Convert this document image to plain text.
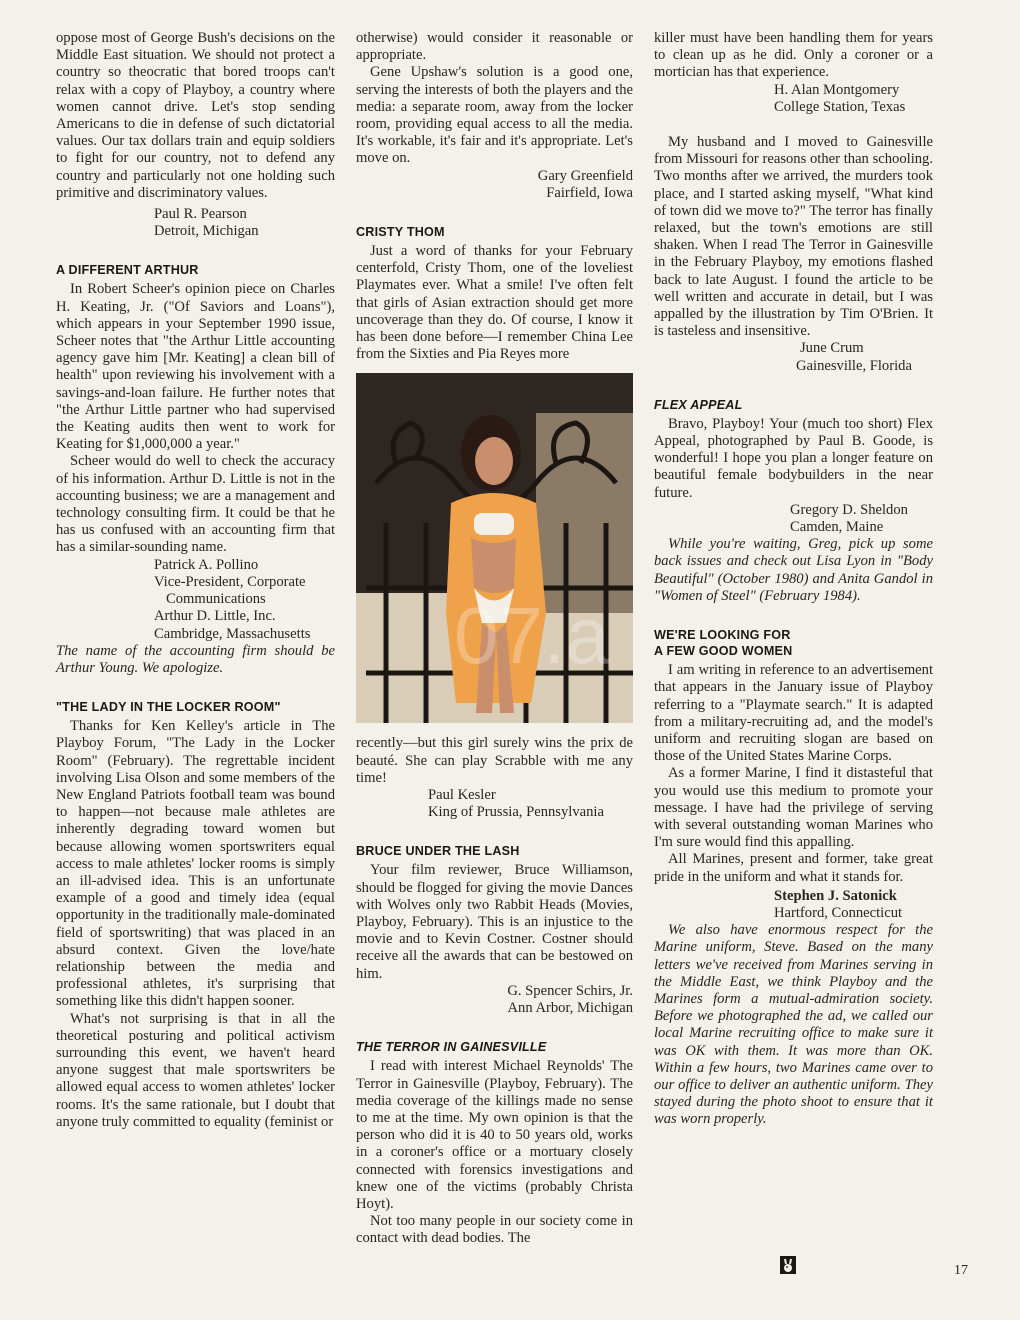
oppose most of George Bush's decisions on the Middle East situation. We should not protect a country so theocratic that bored troops can't relax with a copy of Playboy, a country where women cannot drive. Let's stop sending Americans to die in defense of such dictatorial values. Our tax dollars train and equip soldiers to fight for our country, not to defend any country and particularly not one holding such primitive and discriminatory values.

Paul R. Pearson
Detroit, Michigan
A DIFFERENT ARTHUR

In Robert Scheer's opinion piece on Charles H. Keating, Jr. ("Of Saviors and Loans"), which appears in your September 1990 issue, Scheer notes that "the Arthur Little accounting agency gave him [Mr. Keating] a clean bill of health" upon reviewing his involvement with a savings-and-loan failure. He further notes that "the Arthur Little partner who had supervised the Keating audits then went to work for Keating for $1,000,000 a year."

Scheer would do well to check the accuracy of his information. Arthur D. Little is not in the accounting business; we are a management and technology consulting firm. It could be that he has us confused with an accounting firm that has a similar-sounding name.

Patrick A. Pollino
Vice-President, Corporate
Communications
Arthur D. Little, Inc.
Cambridge, Massachusetts

The name of the accounting firm should be Arthur Young. We apologize.

"THE LADY IN THE LOCKER ROOM"

Thanks for Ken Kelley's article in The Playboy Forum, "The Lady in the Locker Room" (February). The regrettable incident involving Lisa Olson and some members of the New England Patriots football team was bound to happen—not because male athletes are inherently degrading toward women but because allowing women sportswriters equal access to male athletes' locker rooms is simply an ill-advised idea. This is an unfortunate example of a good and timely idea (equal opportunity in the traditionally male-dominated field of sportswriting) that was placed in an absurd context. Given the love/hate relationship between the media and professional athletes, it's surprising that something like this didn't happen sooner.

What's not surprising is that in all the theoretical posturing and political activism surrounding this event, we haven't heard anyone suggest that male sportswriters be allowed equal access to women athletes' locker rooms. It's the same rationale, but I doubt that anyone truly committed to equality (feminist or

otherwise) would consider it reasonable or appropriate.

Gene Upshaw's solution is a good one, serving the interests of both the players and the media: a separate room, away from the locker room, providing equal access to all the media. It's workable, it's fair and it's appropriate. Let's move on.

Gary Greenfield
Fairfield, Iowa
CRISTY THOM

Just a word of thanks for your February centerfold, Cristy Thom, one of the loveliest Playmates ever. What a smile! I've often felt that girls of Asian extraction should get more uncoverage than they do. Of course, I know it has been done before—I remember China Lee from the Sixties and Pia Reyes more

07.a

recently—but this girl surely wins the prix de beauté. She can play Scrabble with me any time!

Paul Kesler
King of Prussia, Pennsylvania
BRUCE UNDER THE LASH

Your film reviewer, Bruce Williamson, should be flogged for giving the movie Dances with Wolves only two Rabbit Heads (Movies, Playboy, February). This is an injustice to the movie and to Kevin Costner. Costner should receive all the awards that can be bestowed on him.

G. Spencer Schirs, Jr.
Ann Arbor, Michigan
THE TERROR IN GAINESVILLE

I read with interest Michael Reynolds' The Terror in Gainesville (Playboy, February). The media coverage of the killings made no sense to me at the time. My own opinion is that the person who did it is 40 to 50 years old, works in a coroner's office or a mortuary closely connected with forensics investigations and knew one of the victims (probably Christa Hoyt).

Not too many people in our society come in contact with dead bodies. The

killer must have been handling them for years to clean up as he did. Only a coroner or a mortician has that experience.

H. Alan Montgomery
College Station, Texas

My husband and I moved to Gainesville from Missouri for reasons other than schooling. Two months after we arrived, the murders took place, and I started asking myself, "What kind of town did we move to?" The terror has finally relaxed, but the town's emotions are still shaken. When I read The Terror in Gainesville in the February Playboy, my emotions flashed back to late August. I found the article to be well written and accurate in detail, but I was appalled by the illustration by Tim O'Brien. It is tasteless and insensitive.

June Crum
Gainesville, Florida
FLEX APPEAL

Bravo, Playboy! Your (much too short) Flex Appeal, photographed by Paul B. Goode, is wonderful! I hope you plan a longer feature on beautiful female bodybuilders in the near future.

Gregory D. Sheldon
Camden, Maine

While you're waiting, Greg, pick up some back issues and check out Lisa Lyon in "Body Beautiful" (October 1980) and Anita Gandol in "Women of Steel" (February 1984).

WE'RE LOOKING FOR
A FEW GOOD WOMEN

I am writing in reference to an advertisement that appears in the January issue of Playboy referring to a "Playmate search." It is adapted from a military-recruiting ad, and the model's uniform and recruiting slogan are based on those of the United States Marine Corps.

As a former Marine, I find it distasteful that you would use this medium to promote your message. I have had the privilege of serving with several outstanding woman Marines who I'm sure would find this appalling.

All Marines, present and former, take great pride in the uniform and what it stands for.

Stephen J. Satonick
Hartford, Connecticut

We also have enormous respect for the Marine uniform, Steve. Based on the many letters we've received from Marines serving in the Middle East, we think Playboy and the Marines form a mutual-admiration society. Before we photographed the ad, we called our local Marine recruiting office to make sure it was OK with them. It was more than OK. Within a few hours, two Marines came over to our office to deliver an authentic uniform. They stayed during the photo shoot to ensure that it was worn properly.

17
